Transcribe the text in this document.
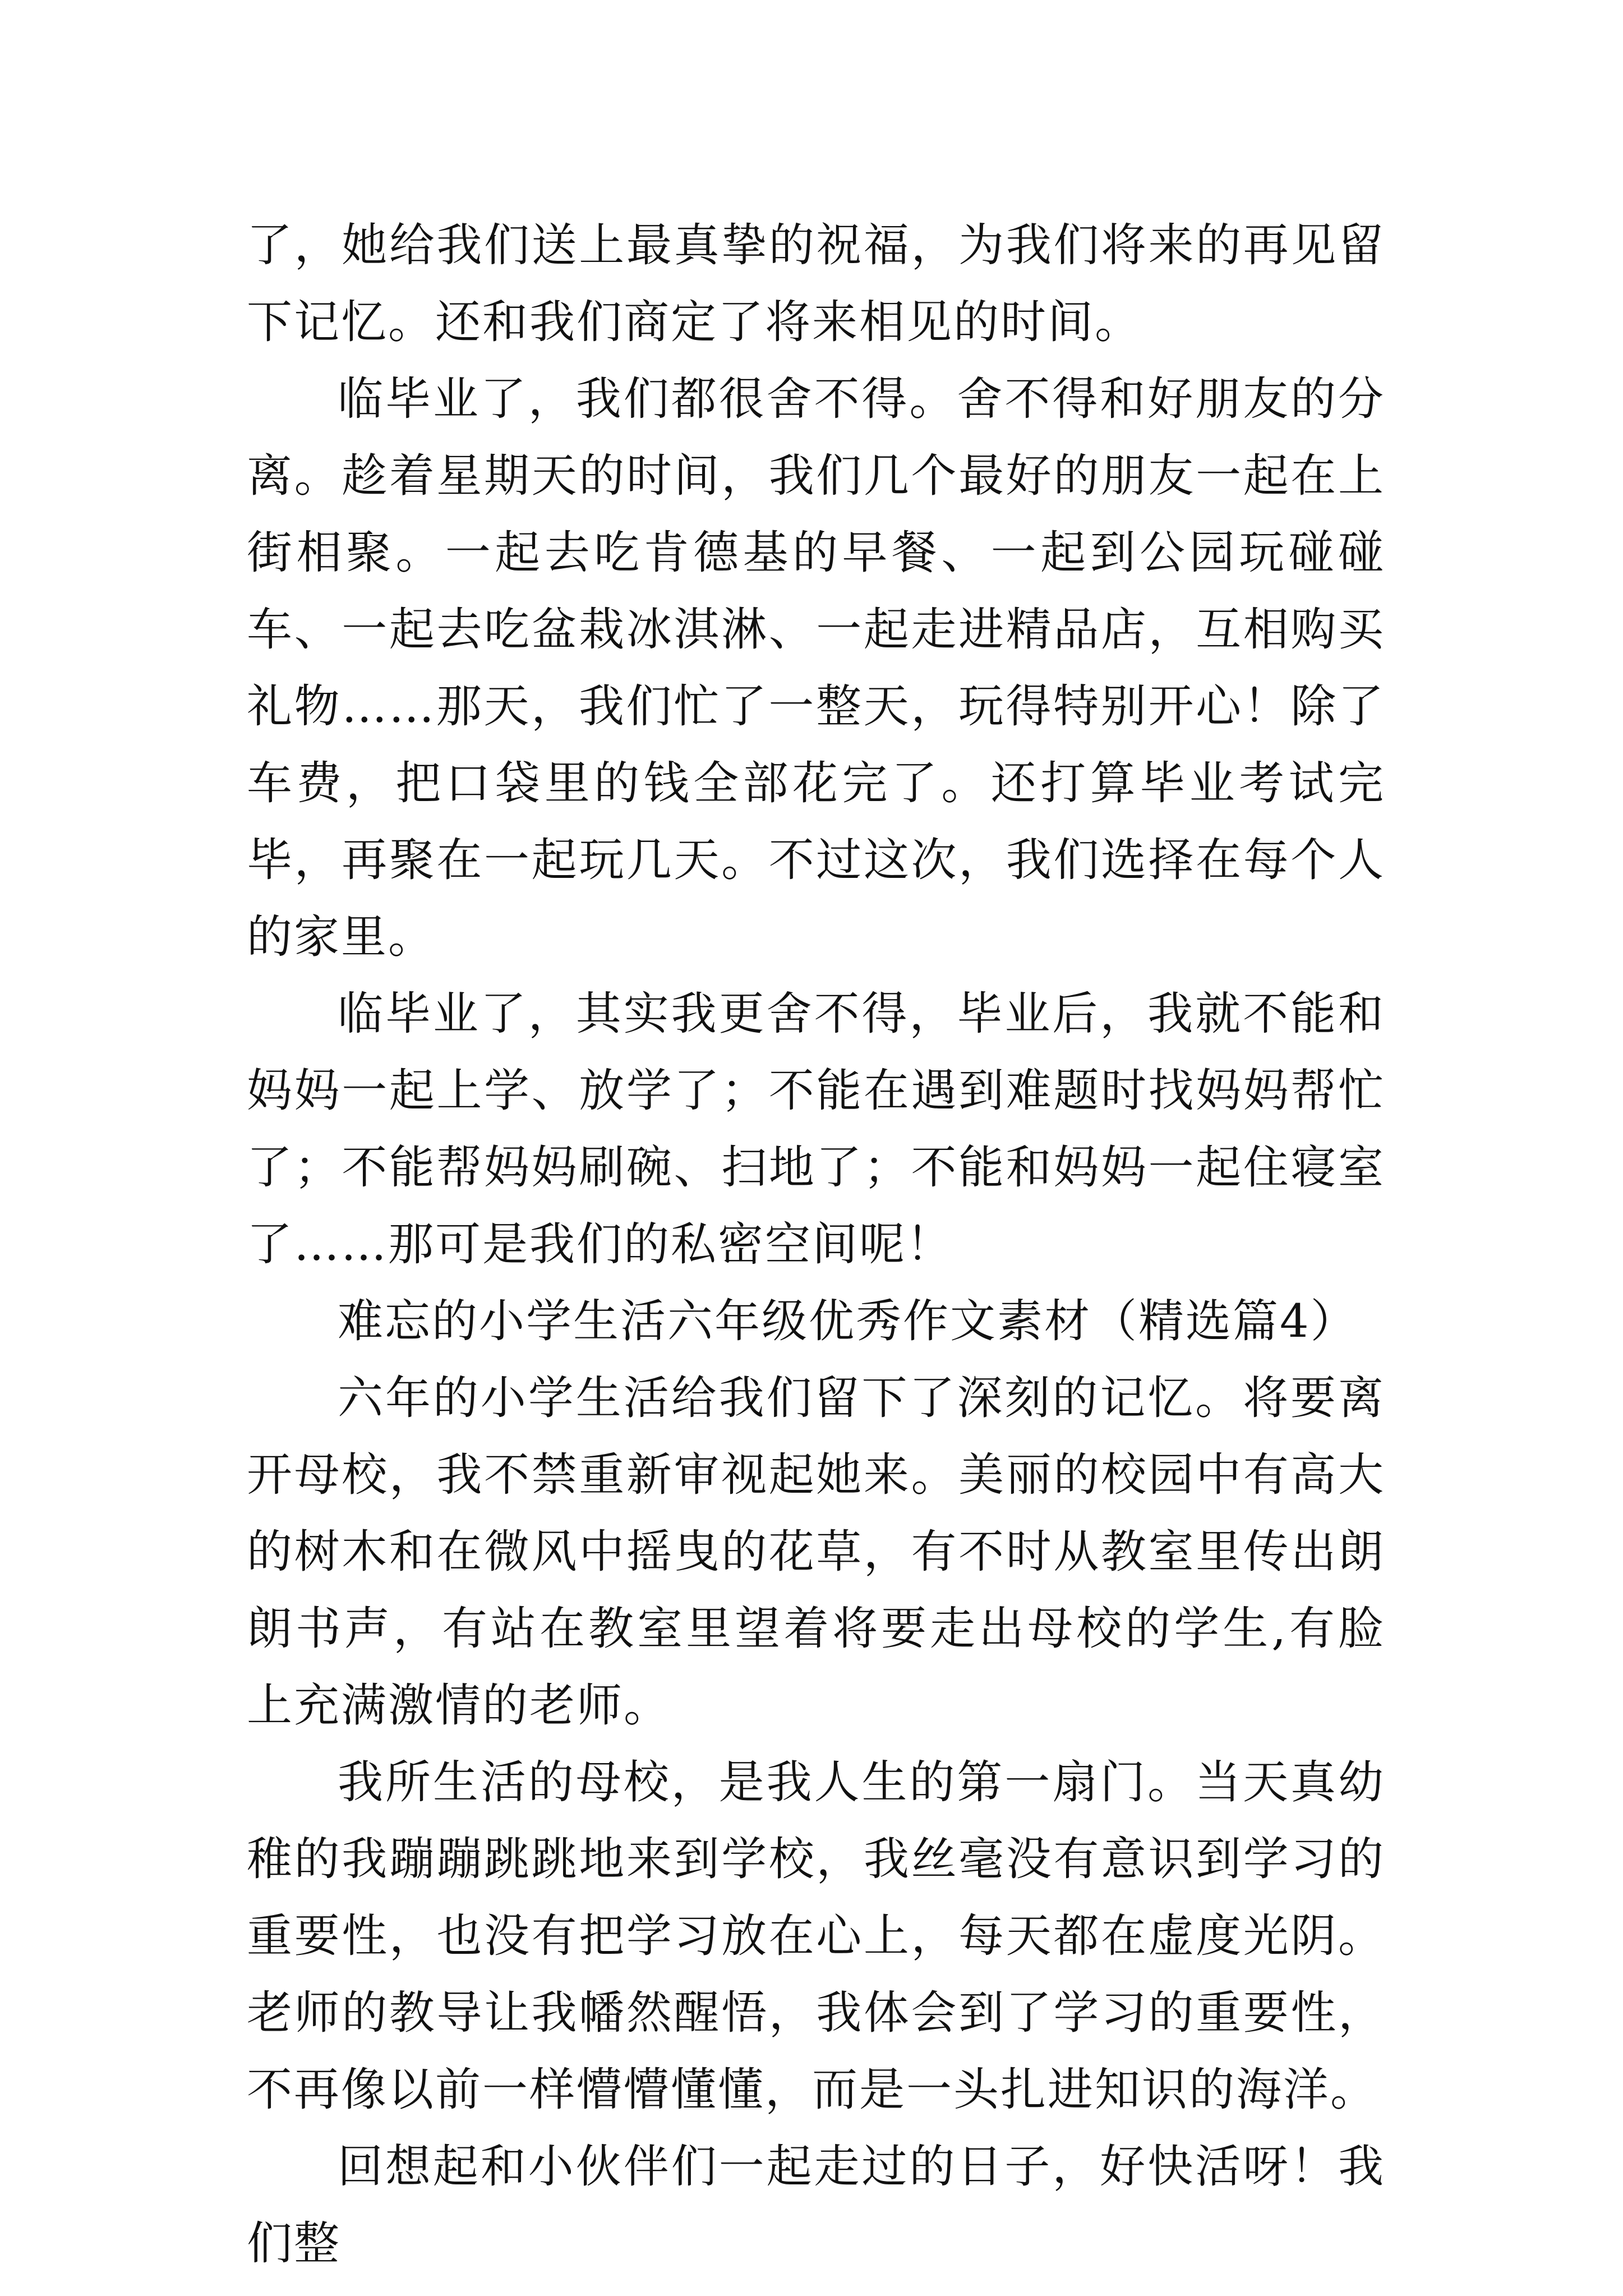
了，她给我们送上最真挚的祝福，为我们将来的再见留下记忆。还和我们商定了将来相见的时间。

临毕业了，我们都很舍不得。舍不得和好朋友的分离。趁着星期天的时间，我们几个最好的朋友一起在上街相聚。一起去吃肯德基的早餐、一起到公园玩碰碰车、一起去吃盆栽冰淇淋、一起走进精品店，互相购买礼物……那天，我们忙了一整天，玩得特别开心！除了车费，把口袋里的钱全部花完了。还打算毕业考试完毕，再聚在一起玩几天。不过这次，我们选择在每个人的家里。

临毕业了，其实我更舍不得，毕业后，我就不能和妈妈一起上学、放学了；不能在遇到难题时找妈妈帮忙了；不能帮妈妈刷碗、扫地了；不能和妈妈一起住寝室了……那可是我们的私密空间呢！

难忘的小学生活六年级优秀作文素材（精选篇4）

六年的小学生活给我们留下了深刻的记忆。将要离开母校，我不禁重新审视起她来。美丽的校园中有高大的树木和在微风中摇曳的花草，有不时从教室里传出朗朗书声，有站在教室里望着将要走出母校的学生,有脸上充满激情的老师。

我所生活的母校，是我人生的第一扇门。当天真幼稚的我蹦蹦跳跳地来到学校，我丝毫没有意识到学习的重要性，也没有把学习放在心上，每天都在虚度光阴。老师的教导让我幡然醒悟，我体会到了学习的重要性，不再像以前一样懵懵懂懂，而是一头扎进知识的海洋。

回想起和小伙伴们一起走过的日子，好快活呀！我们整
